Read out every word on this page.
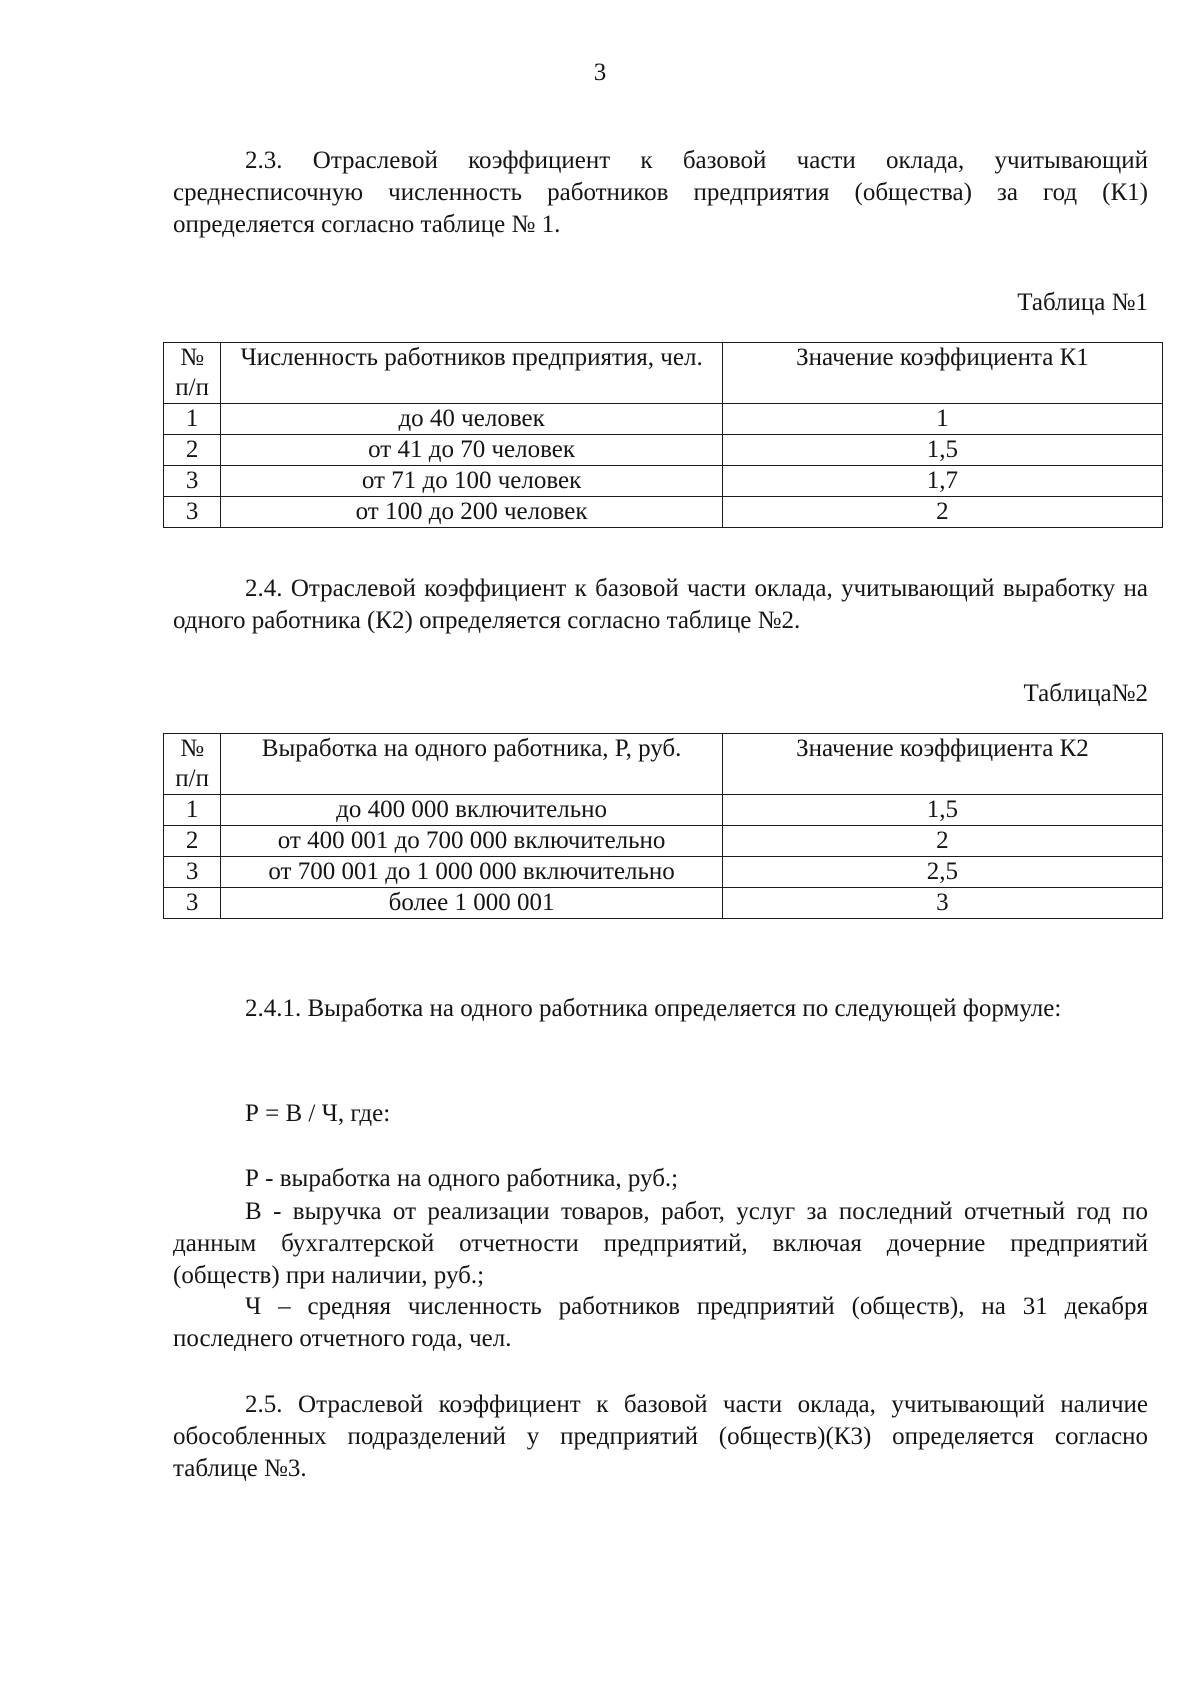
3

2.3. Отраслевой коэффициент к базовой части оклада, учитывающий среднесписочную численность работников предприятия (общества) за год (К1) определяется согласно таблице № 1.

Таблица №1
№ п/п	Численность работников предприятия, чел.	Значение коэффициента К1
1	до 40 человек	1
2	от 41 до 70 человек	1,5
3	от 71 до 100 человек	1,7
3	от 100 до 200 человек	2

2.4. Отраслевой коэффициент к базовой части оклада, учитывающий выработку на одного работника (К2) определяется согласно таблице №2.

Таблица№2
№ п/п	Выработка на одного работника, Р, руб.	Значение коэффициента К2
1	до 400 000 включительно	1,5
2	от 400 001 до 700 000 включительно	2
3	от 700 001 до 1 000 000 включительно	2,5
3	более 1 000 001	3

2.4.1. Выработка на одного работника определяется по следующей формуле:

Р = В / Ч, где:

Р - выработка на одного работника, руб.;

В - выручка от реализации товаров, работ, услуг за последний отчетный год по данным бухгалтерской отчетности предприятий, включая дочерние предприятий (обществ) при наличии, руб.;

Ч – средняя численность работников предприятий (обществ), на 31 декабря последнего отчетного года, чел.

2.5. Отраслевой коэффициент к базовой части оклада, учитывающий наличие обособленных подразделений у предприятий (обществ)(К3) определяется согласно таблице №3.
